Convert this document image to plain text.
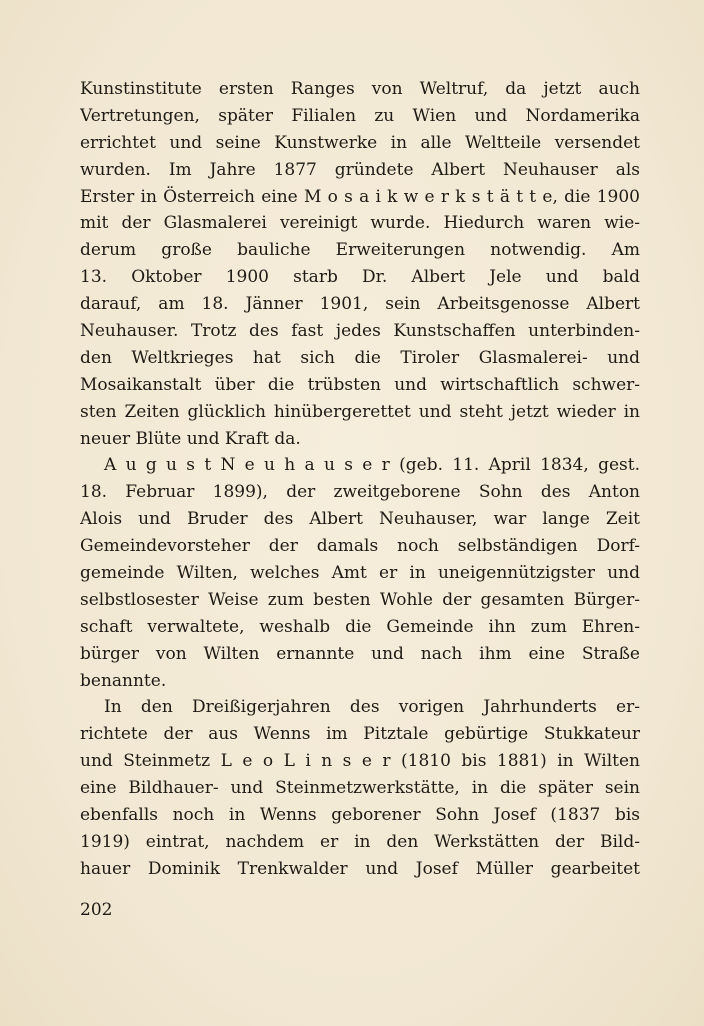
Kunstinstitute ersten Ranges von Weltruf, da jetzt auch
Vertretungen, später Filialen zu Wien und Nordamerika
errichtet und seine Kunstwerke in alle Weltteile versendet
wurden. Im Jahre 1877 gründete Albert Neuhauser als
Erster in Österreich eine M o s a i k w e r k s t ä t t e, die 1900
mit der Glasmalerei vereinigt wurde. Hiedurch waren wie-
derum große bauliche Erweiterungen notwendig. Am
13. Oktober 1900 starb Dr. Albert Jele und bald
darauf, am 18. Jänner 1901, sein Arbeitsgenosse Albert
Neuhauser. Trotz des fast jedes Kunstschaffen unterbinden-
den Weltkrieges hat sich die Tiroler Glasmalerei- und
Mosaikanstalt über die trübsten und wirtschaftlich schwer-
sten Zeiten glücklich hinübergerettet und steht jetzt wieder in
neuer Blüte und Kraft da.
A u g u s t N e u h a u s e r (geb. 11. April 1834, gest.
18. Februar 1899), der zweitgeborene Sohn des Anton
Alois und Bruder des Albert Neuhauser, war lange Zeit
Gemeindevorsteher der damals noch selbständigen Dorf-
gemeinde Wilten, welches Amt er in uneigennützigster und
selbstlosester Weise zum besten Wohle der gesamten Bürger-
schaft verwaltete, weshalb die Gemeinde ihn zum Ehren-
bürger von Wilten ernannte und nach ihm eine Straße
benannte.
In den Dreißigerjahren des vorigen Jahrhunderts er-
richtete der aus Wenns im Pitztale gebürtige Stukkateur
und Steinmetz L e o L i n s e r (1810 bis 1881) in Wilten
eine Bildhauer- und Steinmetzwerkstätte, in die später sein
ebenfalls noch in Wenns geborener Sohn Josef (1837 bis
1919) eintrat, nachdem er in den Werkstätten der Bild-
hauer Dominik Trenkwalder und Josef Müller gearbeitet
202
